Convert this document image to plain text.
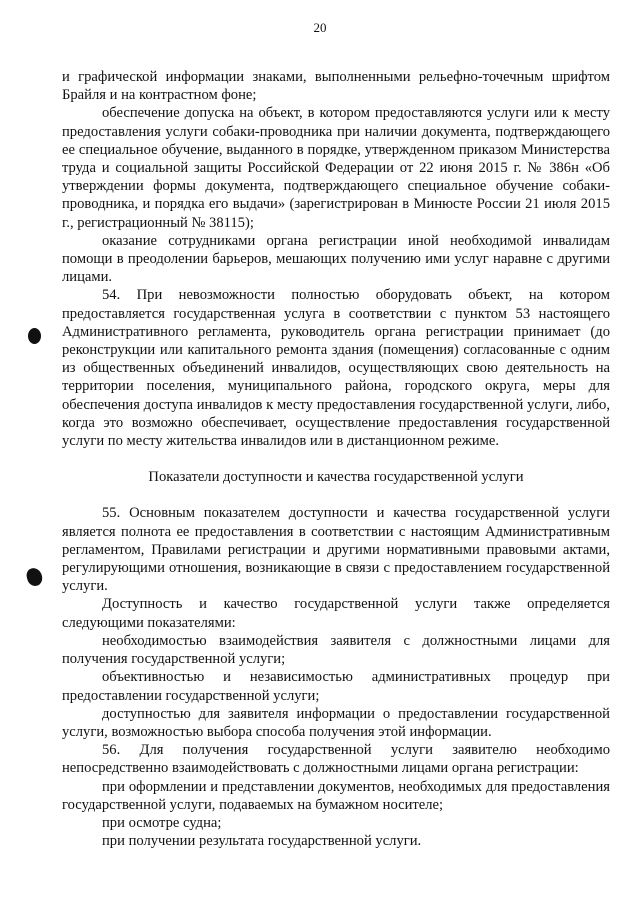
20

и графической информации знаками, выполненными рельефно-точечным шрифтом Брайля и на контрастном фоне;

обеспечение допуска на объект, в котором предоставляются услуги или к месту предоставления услуги собаки-проводника при наличии документа, подтверждающего ее специальное обучение, выданного в порядке, утвержденном приказом Министерства труда и социальной защиты Российской Федерации от 22 июня 2015 г. № 386н «Об утверждении формы документа, подтверждающего специальное обучение собаки-проводника, и порядка его выдачи» (зарегистрирован в Минюсте России 21 июля 2015 г., регистрационный № 38115);

оказание сотрудниками органа регистрации иной необходимой инвалидам помощи в преодолении барьеров, мешающих получению ими услуг наравне с другими лицами.

54. При невозможности полностью оборудовать объект, на котором предоставляется государственная услуга в соответствии с пунктом 53 настоящего Административного регламента, руководитель органа регистрации принимает (до реконструкции или капитального ремонта здания (помещения) согласованные с одним из общественных объединений инвалидов, осуществляющих свою деятельность на территории поселения, муниципального района, городского округа, меры для обеспечения доступа инвалидов к месту предоставления государственной услуги, либо, когда это возможно обеспечивает, осуществление предоставления государственной услуги по месту жительства инвалидов или в дистанционном режиме.

Показатели доступности и качества государственной услуги

55. Основным показателем доступности и качества государственной услуги является полнота ее предоставления в соответствии с настоящим Административным регламентом, Правилами регистрации и другими нормативными правовыми актами, регулирующими отношения, возникающие в связи с предоставлением государственной услуги.

Доступность и качество государственной услуги также определяется следующими показателями:

необходимостью взаимодействия заявителя с должностными лицами для получения государственной услуги;

объективностью и независимостью административных процедур при предоставлении государственной услуги;

доступностью для заявителя информации о предоставлении государственной услуги, возможностью выбора способа получения этой информации.

56. Для получения государственной услуги заявителю необходимо непосредственно взаимодействовать с должностными лицами органа регистрации:

при оформлении и представлении документов, необходимых для предоставления государственной услуги, подаваемых на бумажном носителе;

при осмотре судна;

при получении результата государственной услуги.
